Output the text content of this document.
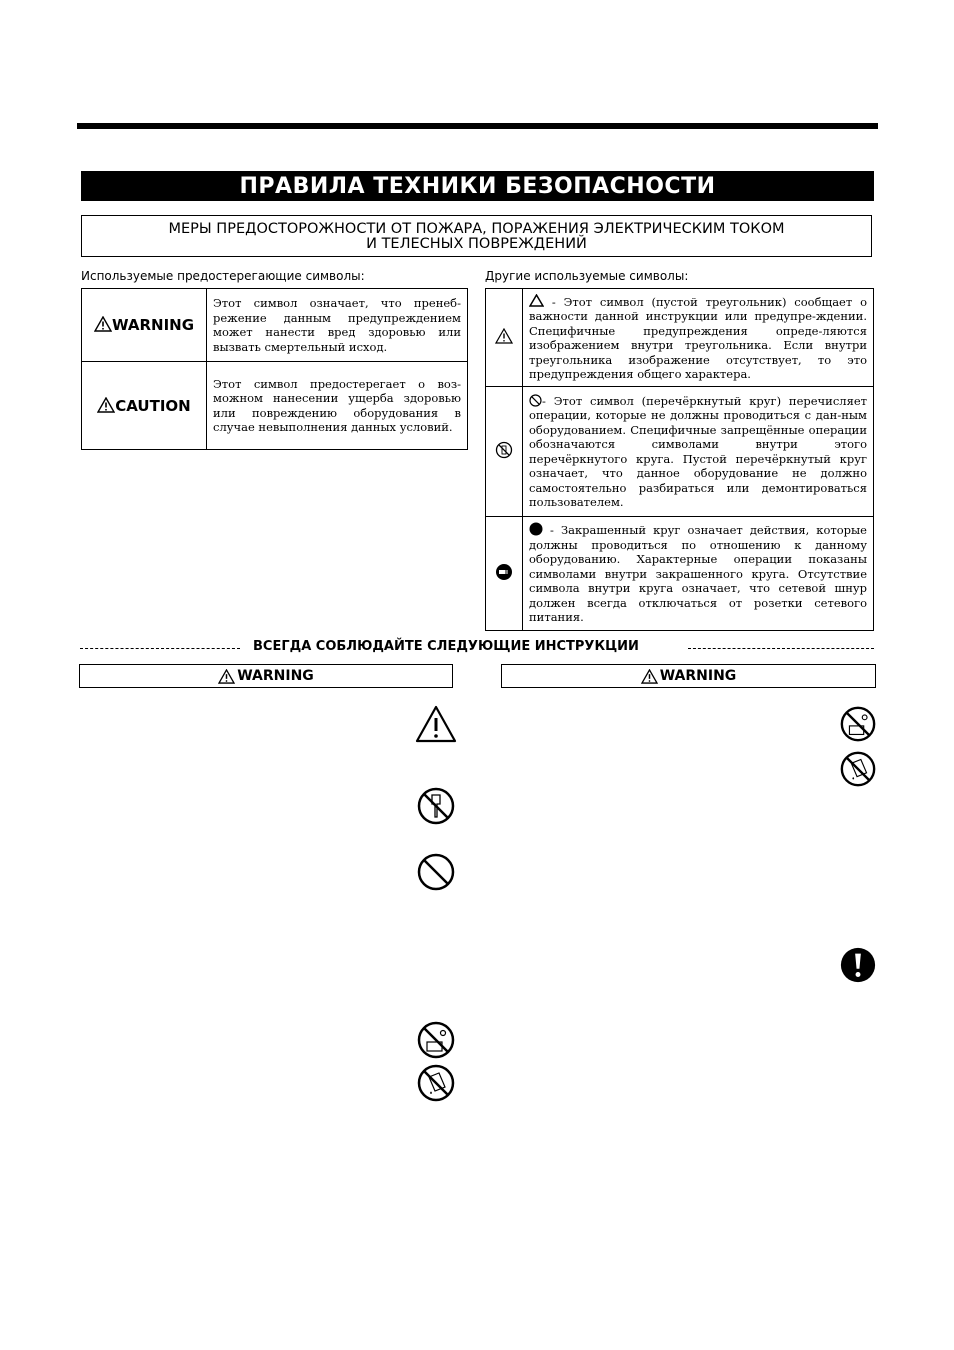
ПРАВИЛА ТЕХНИКИ БЕЗОПАСНОСТИ
МЕРЫ ПРЕДОСТОРОЖНОСТИ ОТ ПОЖАРА, ПОРАЖЕНИЯ ЭЛЕКТРИЧЕСКИМ ТОКОМ
И ТЕЛЕСНЫХ ПОВРЕЖДЕНИЙ
Используемые предостерегающие символы:
WARNING	Этот символ означает, что пренеб-режение данным предупреждением может нанести вред здоровью или вызвать смертельный исход.

CAUTION	Этот символ предостерегает о воз-можном нанесении ущерба здоровью или повреждению оборудования в случае невыполнения данных условий.
Другие используемые символы:

- Этот символ (пустой треугольник) сообщает о важности данной инструкции или предупре-ждении. Специфичные предупреждения опреде-ляются изображением внутри треугольника. Если внутри треугольника изображение отсутствует, то это предупреждения общего характера.

- Этот символ (перечёркнутый круг) перечисляет операции, которые не должны проводиться с дан-ным оборудованием. Специфичные запрещённые операции обозначаются символами внутри этого перечёркнутого круга. Пустой перечёркнутый круг означает, что данное оборудование не должно самостоятельно разбираться или демонтироваться пользователем.

- Закрашенный круг означает действия, которые должны проводиться по отношению к данному оборудованию. Характерные операции показаны символами внутри закрашенного круга. Отсутствие символа внутри круга означает, что сетевой шнур должен всегда отключаться от розетки сетевого питания.
ВСЕГДА СОБЛЮДАЙТЕ СЛЕДУЮЩИЕ ИНСТРУКЦИИ
WARNING	WARNING
